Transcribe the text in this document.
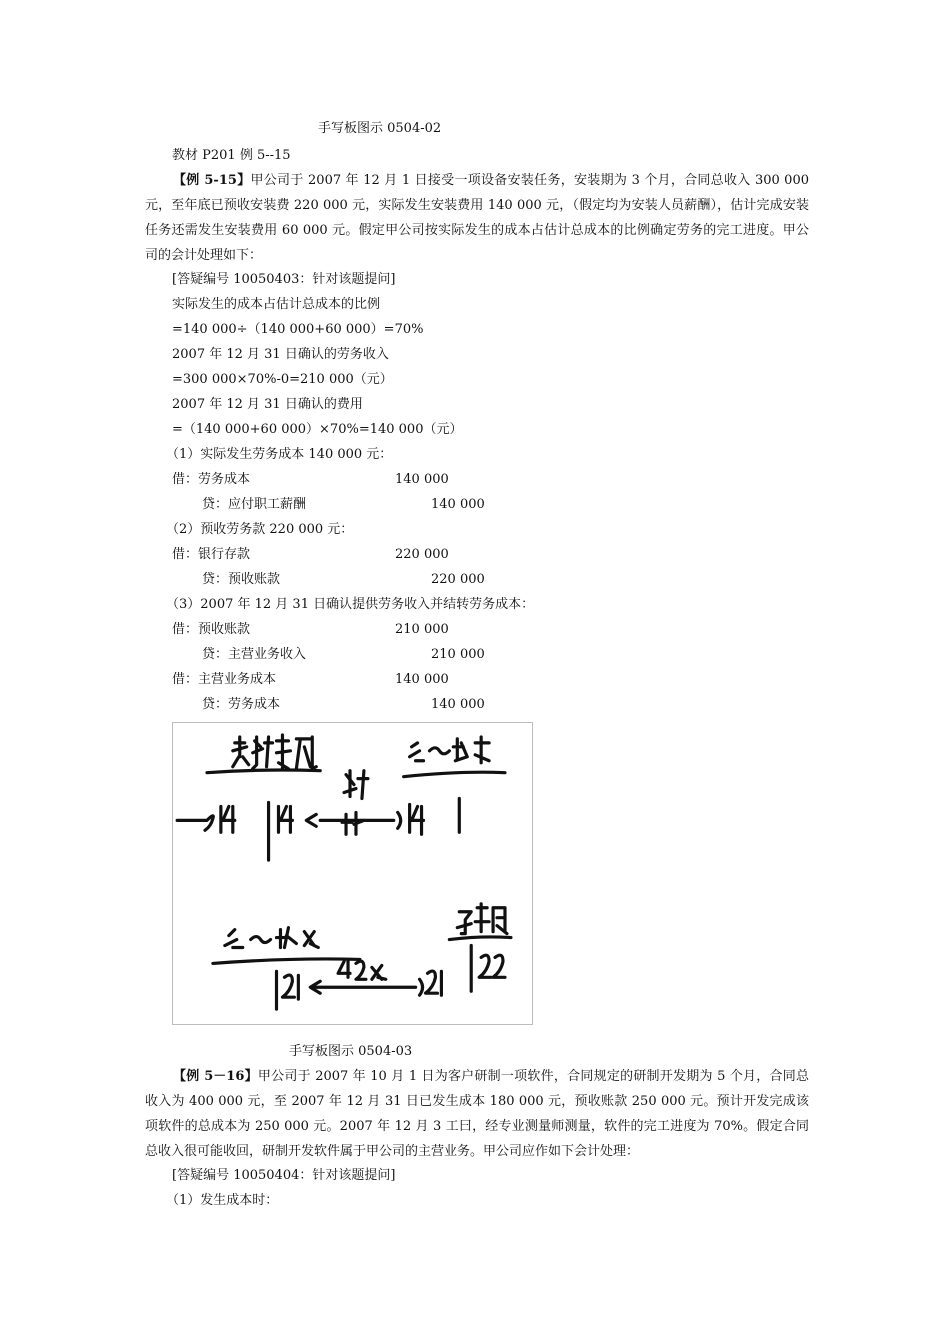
手写板图示 0504-02
教材 P201 例 5--15
【例 5-15】甲公司于 2007 年 12 月 1 日接受一项设备安装任务，安装期为 3 个月，合同总收入 300 000 元，至年底已预收安装费 220 000 元，实际发生安装费用 140 000 元，（假定均为安装人员薪酬），估计完成安装任务还需发生安装费用 60 000 元。假定甲公司按实际发生的成本占估计总成本的比例确定劳务的完工进度。甲公司的会计处理如下：
[答疑编号 10050403：针对该题提问]
实际发生的成本占估计总成本的比例
=140 000÷（140 000+60 000）=70%
2007 年 12 月 31 日确认的劳务收入
=300 000×70%-0=210 000（元）
2007 年 12 月 31 日确认的费用
=（140 000+60 000）×70%=140 000（元）
（1）实际发生劳务成本 140 000 元：
借：劳务成本	140 000
贷：应付职工薪酬	140 000
（2）预收劳务款 220 000 元：
借：银行存款	220 000
贷：预收账款	220 000
（3）2007 年 12 月 31 日确认提供劳务收入并结转劳务成本：
借：预收账款	210 000
贷：主营业务收入	210 000
借：主营业务成本	140 000
贷：劳务成本	140 000
手写板图示 0504-03
【例 5－16】甲公司于 2007 年 10 月 1 日为客户研制一项软件，合同规定的研制开发期为 5 个月，合同总收入为 400 000 元，至 2007 年 12 月 31 日已发生成本 180 000 元，预收账款 250 000 元。预计开发完成该项软件的总成本为 250 000 元。2007 年 12 月 3 工曰，经专业测量师测量，软件的完工进度为 70%。假定合同总收入很可能收回，研制开发软件属于甲公司的主营业务。甲公司应作如下会计处理：
[答疑编号 10050404：针对该题提问]
（1）发生成本时：
